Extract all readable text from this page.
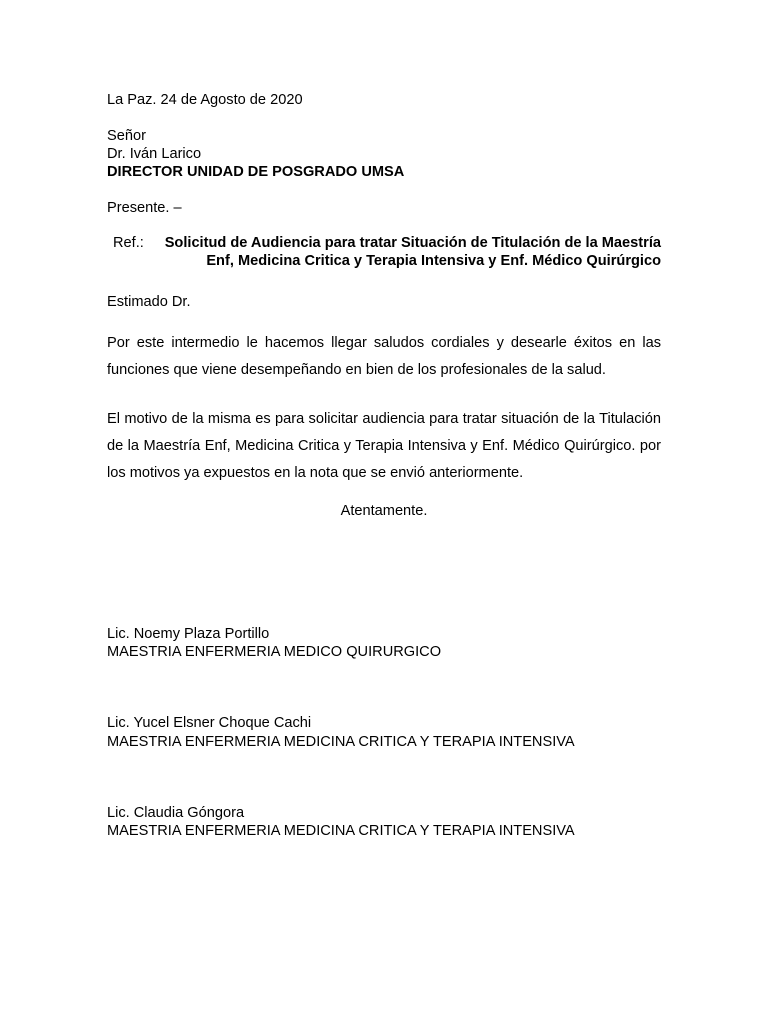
La Paz. 24 de Agosto de 2020
Señor
Dr. Iván Larico
DIRECTOR UNIDAD DE POSGRADO UMSA
Presente. –
Ref.:	Solicitud de Audiencia para tratar Situación de Titulación de la Maestría
Enf, Medicina Critica y Terapia Intensiva y Enf. Médico Quirúrgico
Estimado Dr.
Por este intermedio le hacemos llegar saludos cordiales y desearle éxitos en las funciones que viene desempeñando en bien de los profesionales de la salud.
El motivo de la misma es para solicitar audiencia para tratar situación de la Titulación de la Maestría Enf, Medicina Critica y Terapia Intensiva y Enf. Médico Quirúrgico. por los motivos ya expuestos en la nota que se envió anteriormente.
Atentamente.
Lic. Noemy Plaza Portillo
MAESTRIA ENFERMERIA MEDICO QUIRURGICO
Lic. Yucel Elsner Choque Cachi
MAESTRIA ENFERMERIA MEDICINA CRITICA Y TERAPIA INTENSIVA
Lic. Claudia Góngora
MAESTRIA ENFERMERIA MEDICINA CRITICA Y TERAPIA INTENSIVA
